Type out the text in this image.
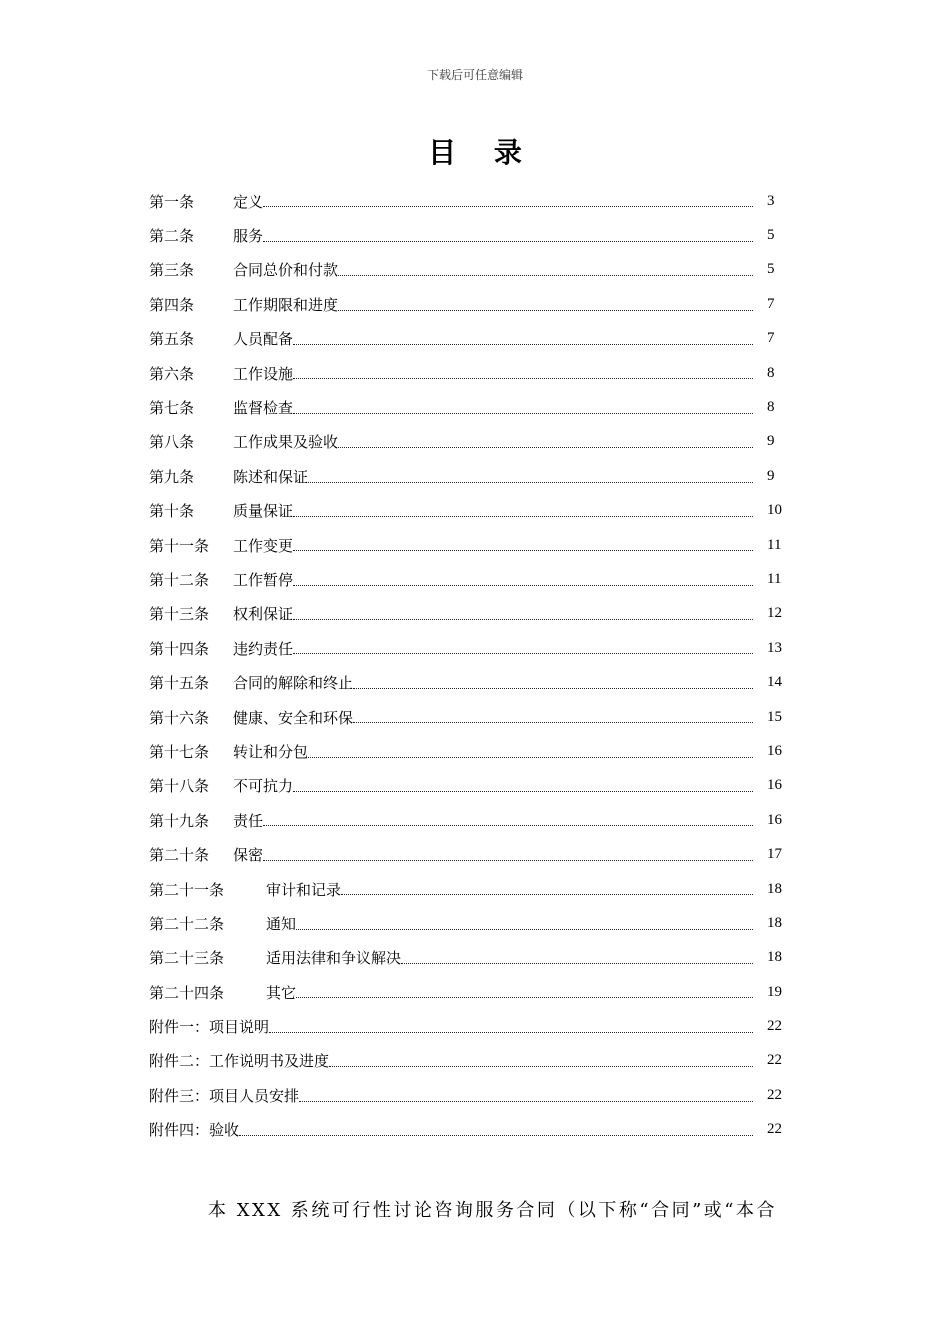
下载后可任意编辑
目 录
第一条	定义	3
第二条	服务	5
第三条	合同总价和付款	5
第四条	工作期限和进度	7
第五条	人员配备	7
第六条	工作设施	8
第七条	监督检查	8
第八条	工作成果及验收	9
第九条	陈述和保证	9
第十条	质量保证	10
第十一条	工作变更	11
第十二条	工作暂停	11
第十三条	权利保证	12
第十四条	违约责任	13
第十五条	合同的解除和终止	14
第十六条	健康、安全和环保	15
第十七条	转让和分包	16
第十八条	不可抗力	16
第十九条	责任	16
第二十条	保密	17
第二十一条	审计和记录	18
第二十二条	通知	18
第二十三条	适用法律和争议解决	18
第二十四条	其它	19
附件一：项目说明	22
附件二：工作说明书及进度	22
附件三：项目人员安排	22
附件四：验收	22
本 XXX 系统可行性讨论咨询服务合同（以下称“合同”或“本合
